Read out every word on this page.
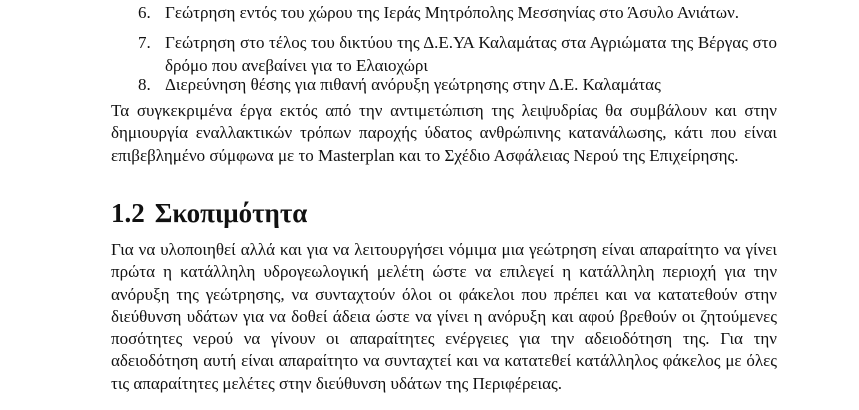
6. Γεώτρηση εντός του χώρου της Ιεράς Μητρόπολης Μεσσηνίας στο Άσυλο Ανιάτων.
7. Γεώτρηση στο τέλος του δικτύου της Δ.Ε.ΥΑ Καλαμάτας στα Αγριώματα της Βέργας στο δρόμο που ανεβαίνει για το Ελαιοχώρι
8. Διερεύνηση θέσης για πιθανή ανόρυξη γεώτρησης στην Δ.Ε. Καλαμάτας

Τα συγκεκριμένα έργα εκτός από την αντιμετώπιση της λειψυδρίας θα συμβάλουν και στην δημιουργία εναλλακτικών τρόπων παροχής ύδατος ανθρώπινης κατανάλωσης, κάτι που είναι επιβεβλημένο σύμφωνα με το Masterplan και το Σχέδιο Ασφάλειας Νερού της Επιχείρησης.

1.2 Σκοπιμότητα

Για να υλοποιηθεί αλλά και για να λειτουργήσει νόμιμα μια γεώτρηση είναι απαραίτητο να γίνει πρώτα η κατάλληλη υδρογεωλογική μελέτη ώστε να επιλεγεί η κατάλληλη περιοχή για την ανόρυξη της γεώτρησης, να συνταχτούν όλοι οι φάκελοι που πρέπει και να κατατεθούν στην διεύθυνση υδάτων για να δοθεί άδεια ώστε να γίνει η ανόρυξη και αφού βρεθούν οι ζητούμενες ποσότητες νερού να γίνουν οι απαραίτητες ενέργειες για την αδειοδότηση της. Για την αδειοδότηση αυτή είναι απαραίτητο να συνταχτεί και να κατατεθεί κατάλληλος φάκελος με όλες τις απαραίτητες μελέτες στην διεύθυνση υδάτων της Περιφέρειας.
